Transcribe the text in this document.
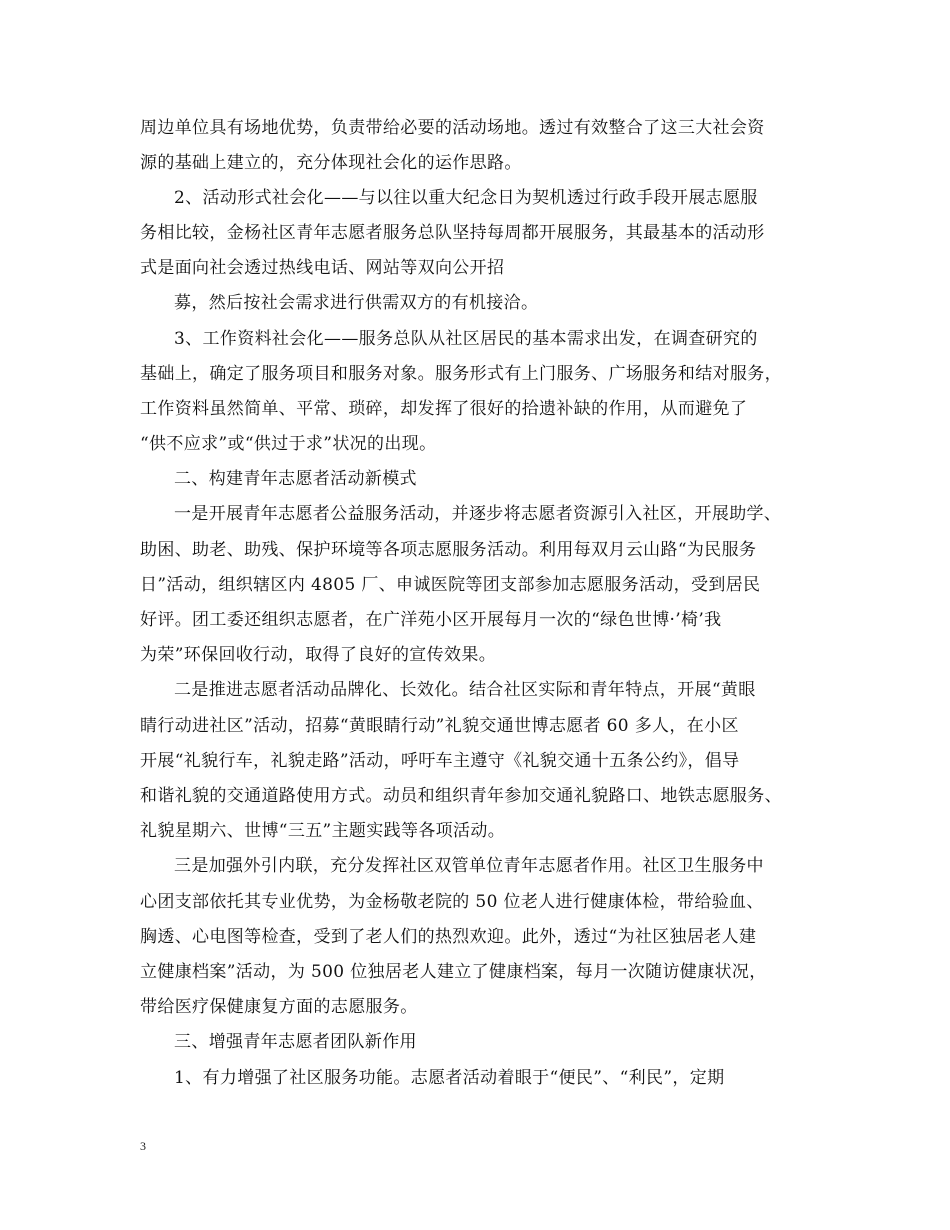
周边单位具有场地优势，负责带给必要的活动场地。透过有效整合了这三大社会资
源的基础上建立的，充分体现社会化的运作思路。
2、活动形式社会化——与以往以重大纪念日为契机透过行政手段开展志愿服
务相比较，金杨社区青年志愿者服务总队坚持每周都开展服务，其最基本的活动形
式是面向社会透过热线电话、网站等双向公开招
募，然后按社会需求进行供需双方的有机接洽。
3、工作资料社会化——服务总队从社区居民的基本需求出发，在调查研究的
基础上，确定了服务项目和服务对象。服务形式有上门服务、广场服务和结对服务，
工作资料虽然简单、平常、琐碎，却发挥了很好的拾遗补缺的作用，从而避免了
“供不应求”或“供过于求”状况的出现。
二、构建青年志愿者活动新模式
一是开展青年志愿者公益服务活动，并逐步将志愿者资源引入社区，开展助学、
助困、助老、助残、保护环境等各项志愿服务活动。利用每双月云山路“为民服务
日”活动，组织辖区内 4805 厂、申诚医院等团支部参加志愿服务活动，受到居民
好评。团工委还组织志愿者，在广洋苑小区开展每月一次的“绿色世博·’椅’我
为荣”环保回收行动，取得了良好的宣传效果。
二是推进志愿者活动品牌化、长效化。结合社区实际和青年特点，开展“黄眼
睛行动进社区”活动，招募“黄眼睛行动”礼貌交通世博志愿者 60 多人，在小区
开展“礼貌行车，礼貌走路”活动，呼吁车主遵守《礼貌交通十五条公约》，倡导
和谐礼貌的交通道路使用方式。动员和组织青年参加交通礼貌路口、地铁志愿服务、
礼貌星期六、世博“三五”主题实践等各项活动。
三是加强外引内联，充分发挥社区双管单位青年志愿者作用。社区卫生服务中
心团支部依托其专业优势，为金杨敬老院的 50 位老人进行健康体检，带给验血、
胸透、心电图等检查，受到了老人们的热烈欢迎。此外，透过“为社区独居老人建
立健康档案”活动，为 500 位独居老人建立了健康档案，每月一次随访健康状况，
带给医疗保健康复方面的志愿服务。
三、增强青年志愿者团队新作用
1、有力增强了社区服务功能。志愿者活动着眼于“便民”、“利民”，定期
3
